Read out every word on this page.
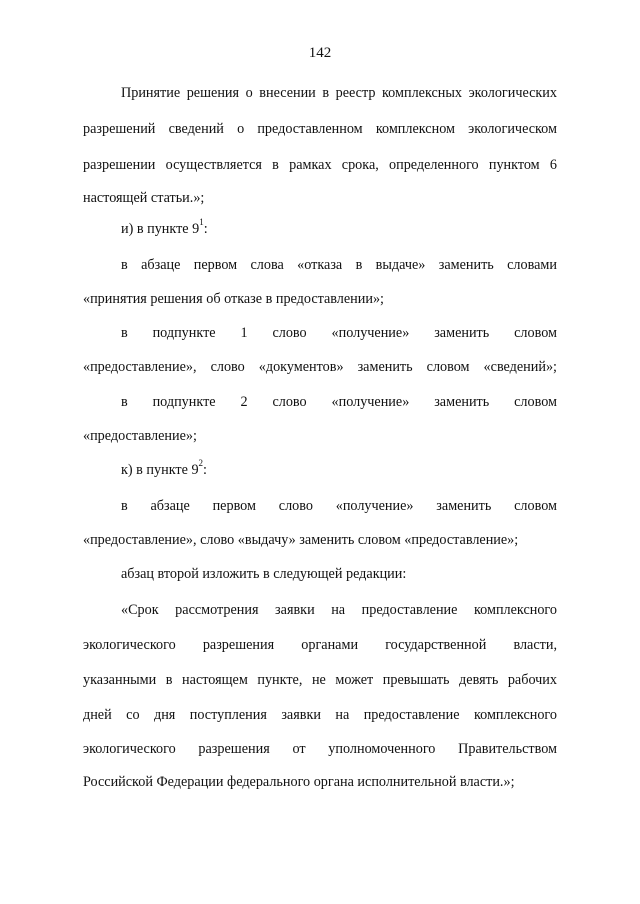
142
Принятие решения о внесении в реестр комплексных экологических
разрешений сведений о предоставленном комплексном экологическом
разрешении осуществляется в рамках срока, определенного пунктом 6
настоящей статьи.»;
и) в пункте $9^1$:
в абзаце первом слова «отказа в выдаче» заменить словами
«принятия решения об отказе в предоставлении»;
в подпункте 1 слово «получение» заменить словом
«предоставление», слово «документов» заменить словом «сведений»;
в подпункте 2 слово «получение» заменить словом
«предоставление»;
к) в пункте $9^2$:
в абзаце первом слово «получение» заменить словом
«предоставление», слово «выдачу» заменить словом «предоставление»;
абзац второй изложить в следующей редакции:
«Срок рассмотрения заявки на предоставление комплексного
экологического разрешения органами государственной власти,
указанными в настоящем пункте, не может превышать девять рабочих
дней со дня поступления заявки на предоставление комплексного
экологического разрешения от уполномоченного Правительством
Российской Федерации федерального органа исполнительной власти.»;
